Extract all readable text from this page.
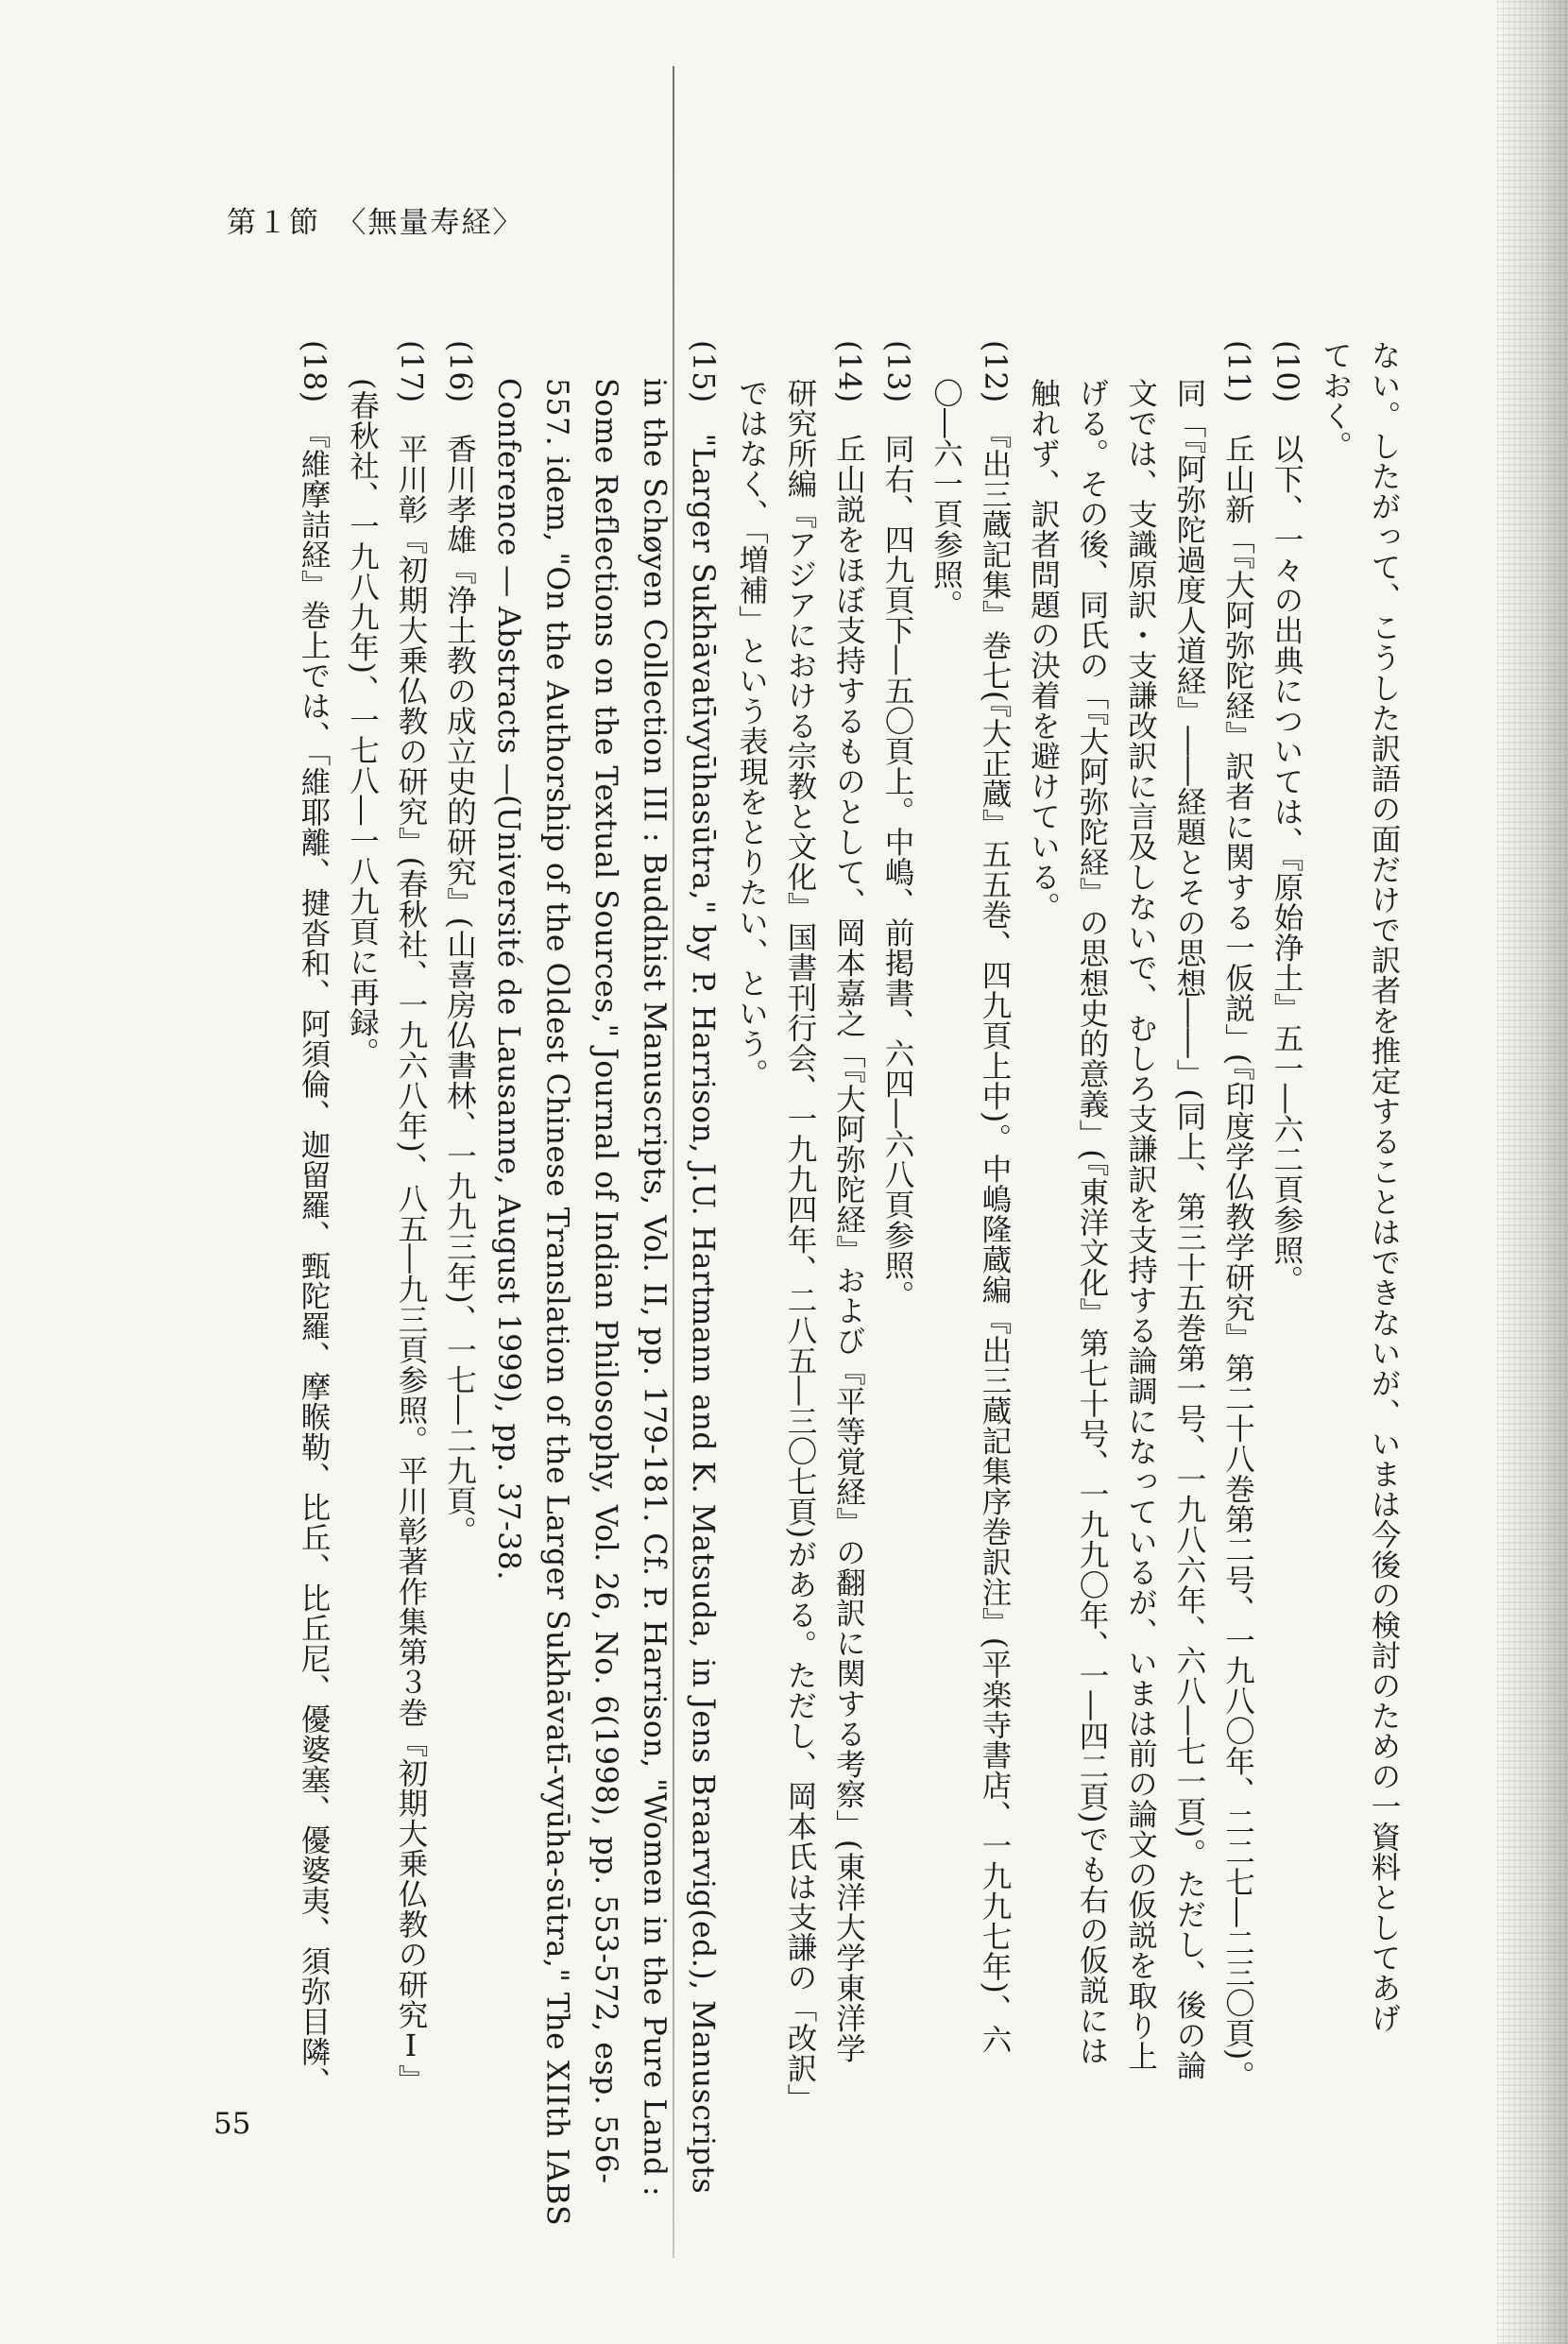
第１節　〈無量寿経〉
ない。したがって、こうした訳語の面だけで訳者を推定することはできないが、いまは今後の検討のための一資料としてあげ
ておく。
(10)　以下、一々の出典については、『原始浄土』五一―六二頁参照。
(11)　丘山新「『大阿弥陀経』訳者に関する一仮説」(『印度学仏教学研究』第二十八巻第二号、一九八〇年、二二七―二三〇頁)。
同「『阿弥陀過度人道経』――経題とその思想――」(同上、第三十五巻第一号、一九八六年、六八―七一頁)。ただし、後の論
文では、支識原訳・支謙改訳に言及しないで、むしろ支謙訳を支持する論調になっているが、いまは前の論文の仮説を取り上
げる。その後、同氏の「『大阿弥陀経』の思想史的意義」(『東洋文化』第七十号、一九九〇年、一―四二頁)でも右の仮説には
触れず、訳者問題の決着を避けている。
(12)　『出三蔵記集』巻七(『大正蔵』五五巻、四九頁上中)。中嶋隆蔵編『出三蔵記集序巻訳注』(平楽寺書店、一九九七年)、六
〇―六一頁参照。
(13)　同右、四九頁下―五〇頁上。中嶋、前掲書、六四―六八頁参照。
(14)　丘山説をほぼ支持するものとして、岡本嘉之「『大阿弥陀経』および『平等覚経』の翻訳に関する考察」(東洋大学東洋学
研究所編『アジアにおける宗教と文化』国書刊行会、一九九四年、二八五―三〇七頁)がある。ただし、岡本氏は支謙の「改訳」
ではなく、「増補」という表現をとりたい、という。
(15)　"Larger Sukhāvatīvyūhasūtra," by P. Harrison, J.U. Hartmann and K. Matsuda, in Jens Braarvig(ed.), Manuscripts
in the Schøyen Collection III : Buddhist Manuscripts, Vol. II, pp. 179-181. Cf. P. Harrison, "Women in the Pure Land :
Some Reflections on the Textual Sources," Journal of Indian Philosophy, Vol. 26, No. 6(1998), pp. 553-572, esp. 556-
557. idem, "On the Authorship of the Oldest Chinese Translation of the Larger Sukhāvatī-vyūha-sūtra," The XIIth IABS
Conference ― Abstracts ―(Université de Lausanne, August 1999), pp. 37-38.
(16)　香川孝雄『浄土教の成立史的研究』(山喜房仏書林、一九九三年)、一七―二九頁。
(17)　平川彰『初期大乗仏教の研究』(春秋社、一九六八年)、八五―九三頁参照。平川彰著作集第３巻『初期大乗仏教の研究Ⅰ』
(春秋社、一九八九年)、一七八―一八九頁に再録。
(18)　『維摩詰経』巻上では、「維耶離、揵沓和、阿須倫、迦留羅、甄陀羅、摩睺勒、比丘、比丘尼、優婆塞、優婆夷、須弥目隣、
55
